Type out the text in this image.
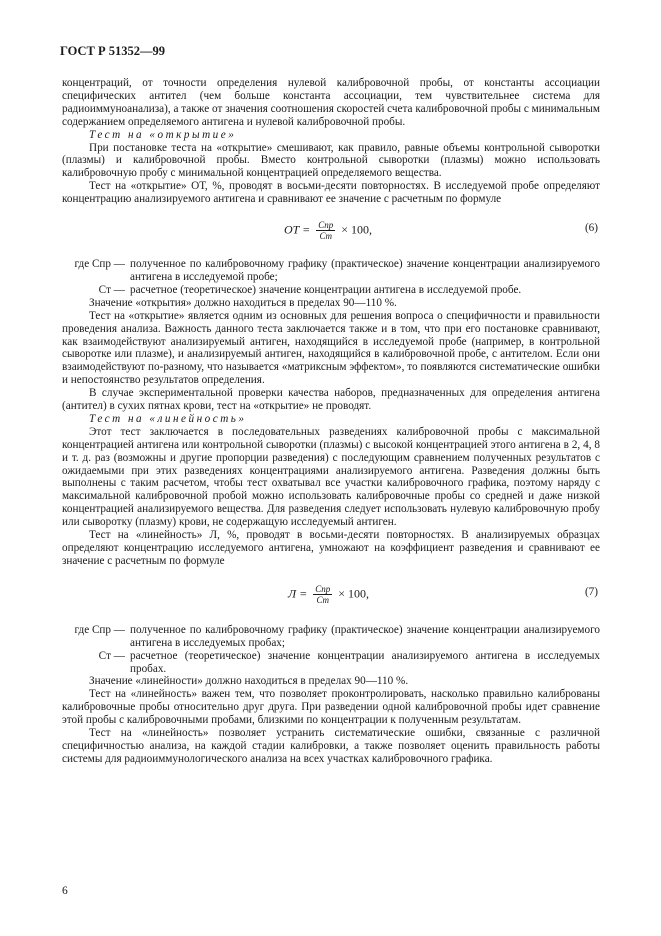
ГОСТ Р 51352—99

концентраций, от точности определения нулевой калибровочной пробы, от константы ассоциации специфических антител (чем больше константа ассоциации, тем чувствительнее система для радиоиммуноанализа), а также от значения соотношения скоростей счета калибровочной пробы с минимальным содержанием определяемого антигена и нулевой калибровочной пробы.

Тест на «открытие»

При постановке теста на «открытие» смешивают, как правило, равные объемы контрольной сыворотки (плазмы) и калибровочной пробы. Вместо контрольной сыворотки (плазмы) можно использовать калибровочную пробу с минимальной концентрацией определяемого вещества.

Тест на «открытие» ОТ, %, проводят в восьми-десяти повторностях. В исследуемой пробе определяют концентрацию анализируемого антигена и сравнивают ее значение с расчетным по формуле

OT = $\frac{\text{Cпр}}{Cт} \times 100$,	(6)
где Cпр — полученное по калибровочному графику (практическое) значение концентрации анализируемого антигена в исследуемой пробе;
Cт — расчетное (теоретическое) значение концентрации антигена в исследуемой пробе.

Значение «открытия» должно находиться в пределах 90—110 %.

Тест на «открытие» является одним из основных для решения вопроса о специфичности и правильности проведения анализа. Важность данного теста заключается также и в том, что при его постановке сравнивают, как взаимодействуют анализируемый антиген, находящийся в исследуемой пробе (например, в контрольной сыворотке или плазме), и анализируемый антиген, находящийся в калибровочной пробе, с антителом. Если они взаимодействуют по-разному, что называется «матриксным эффектом», то появляются систематические ошибки и непостоянство результатов определения.

В случае экспериментальной проверки качества наборов, предназначенных для определения антигена (антител) в сухих пятнах крови, тест на «открытие» не проводят.

Тест на «линейность»

Этот тест заключается в последовательных разведениях калибровочной пробы с максимальной концентрацией антигена или контрольной сыворотки (плазмы) с высокой концентрацией этого антигена в 2, 4, 8 и т. д. раз (возможны и другие пропорции разведения) с последующим сравнением полученных результатов с ожидаемыми при этих разведениях концентрациями анализируемого антигена. Разведения должны быть выполнены с таким расчетом, чтобы тест охватывал все участки калибровочного графика, поэтому наряду с максимальной калибровочной пробой можно использовать калибровочные пробы со средней и даже низкой концентрацией анализируемого вещества. Для разведения следует использовать нулевую калибровочную пробу или сыворотку (плазму) крови, не содержащую исследуемый антиген.

Тест на «линейность» Л, %, проводят в восьми-десяти повторностях. В анализируемых образцах определяют концентрацию исследуемого антигена, умножают на коэффициент разведения и сравнивают ее значение с расчетным по формуле

$Л = \frac{\text{Cпр}}{Cт} \times 100$,	(7)
где Cпр — полученное по калибровочному графику (практическое) значение концентрации анализируемого антигена в исследуемых пробах;
Cт — расчетное (теоретическое) значение концентрации анализируемого антигена в исследуемых пробах.

Значение «линейности» должно находиться в пределах 90—110 %.

Тест на «линейность» важен тем, что позволяет проконтролировать, насколько правильно калиброваны калибровочные пробы относительно друг друга. При разведении одной калибровочной пробы идет сравнение этой пробы с калибровочными пробами, близкими по концентрации к полученным результатам.

Тест на «линейность» позволяет устранить систематические ошибки, связанные с различной специфичностью анализа, на каждой стадии калибровки, а также позволяет оценить правильность работы системы для радиоиммунологического анализа на всех участках калибровочного графика.

6
